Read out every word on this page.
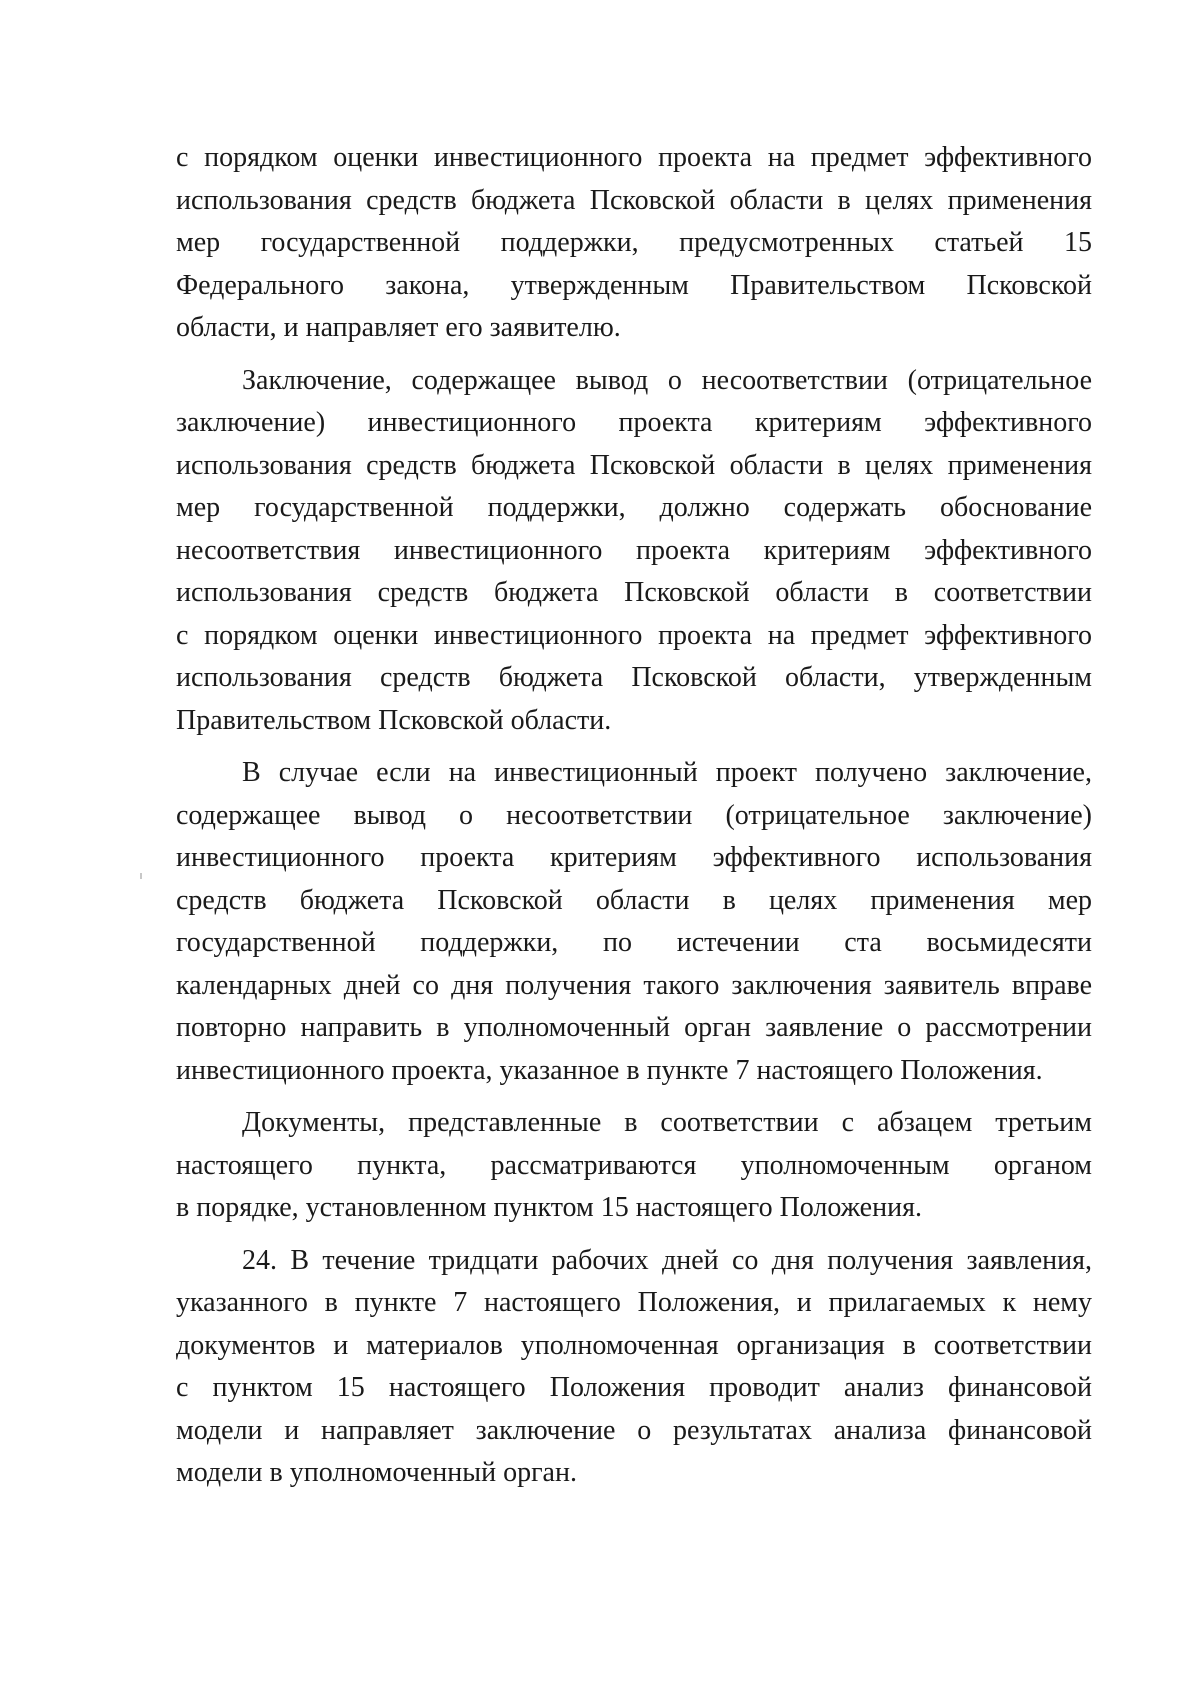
с порядком оценки инвестиционного проекта на предмет эффективного
использования средств бюджета Псковской области в целях применения
мер государственной поддержки, предусмотренных статьей 15
Федерального закона, утвержденным Правительством Псковской
области, и направляет его заявителю.
Заключение, содержащее вывод о несоответствии (отрицательное
заключение) инвестиционного проекта критериям эффективного
использования средств бюджета Псковской области в целях применения
мер государственной поддержки, должно содержать обоснование
несоответствия инвестиционного проекта критериям эффективного
использования средств бюджета Псковской области в соответствии
с порядком оценки инвестиционного проекта на предмет эффективного
использования средств бюджета Псковской области, утвержденным
Правительством Псковской области.
В случае если на инвестиционный проект получено заключение,
содержащее вывод о несоответствии (отрицательное заключение)
инвестиционного проекта критериям эффективного использования
средств бюджета Псковской области в целях применения мер
государственной поддержки, по истечении ста восьмидесяти
календарных дней со дня получения такого заключения заявитель вправе
повторно направить в уполномоченный орган заявление о рассмотрении
инвестиционного проекта, указанное в пункте 7 настоящего Положения.
Документы, представленные в соответствии с абзацем третьим
настоящего пункта, рассматриваются уполномоченным органом
в порядке, установленном пунктом 15 настоящего Положения.
24. В течение тридцати рабочих дней со дня получения заявления,
указанного в пункте 7 настоящего Положения, и прилагаемых к нему
документов и материалов уполномоченная организация в соответствии
с пунктом 15 настоящего Положения проводит анализ финансовой
модели и направляет заключение о результатах анализа финансовой
модели в уполномоченный орган.
